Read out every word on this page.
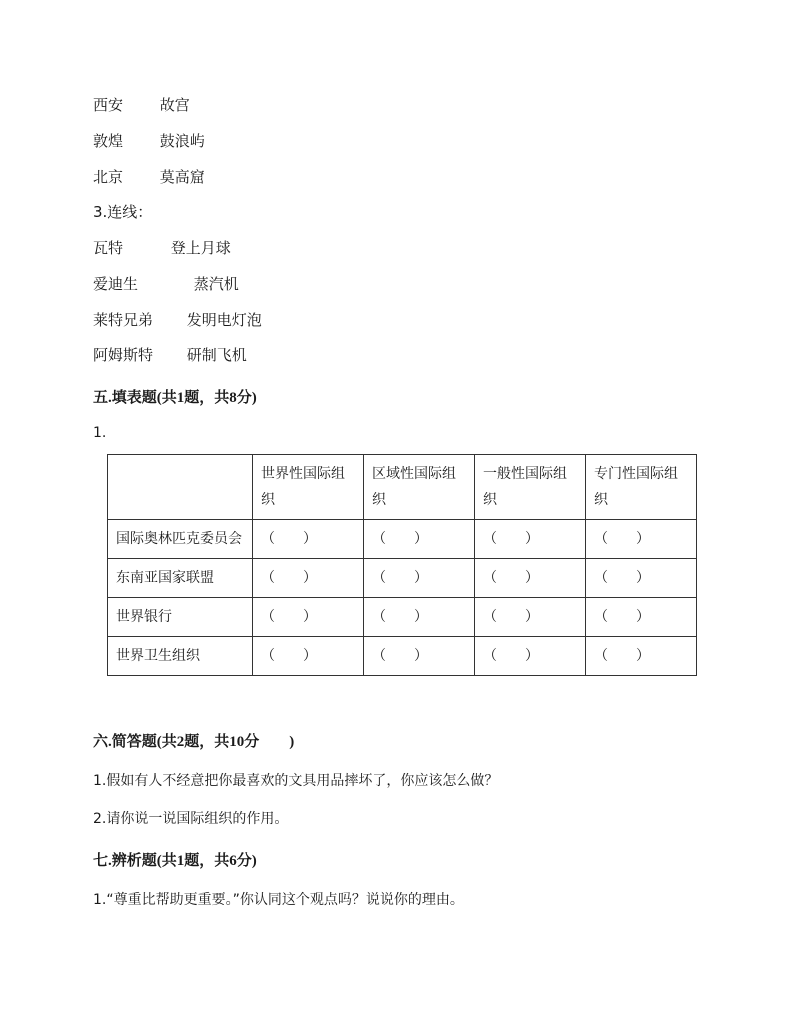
西安 故宫
敦煌 鼓浪屿
北京 莫高窟
3.连线：
瓦特	登上月球
爱迪生	蒸汽机
莱特兄弟 发明电灯泡
阿姆斯特 研制飞机
五.填表题(共1题，共8分)
1.
	世界性国际组织	区域性国际组织	一般性国际组织	专门性国际组织
国际奥林匹克委员会	（　　）	（　　）	（　　）	（　　）
东南亚国家联盟	（　　）	（　　）	（　　）	（　　）
世界银行	（　　）	（　　）	（　　）	（　　）
世界卫生组织	（　　）	（　　）	（　　）	（　　）
六.简答题(共2题，共10分　　)
1.假如有人不经意把你最喜欢的文具用品摔坏了，你应该怎么做？
2.请你说一说国际组织的作用。
七.辨析题(共1题，共6分)
1.“尊重比帮助更重要。”你认同这个观点吗？说说你的理由。
